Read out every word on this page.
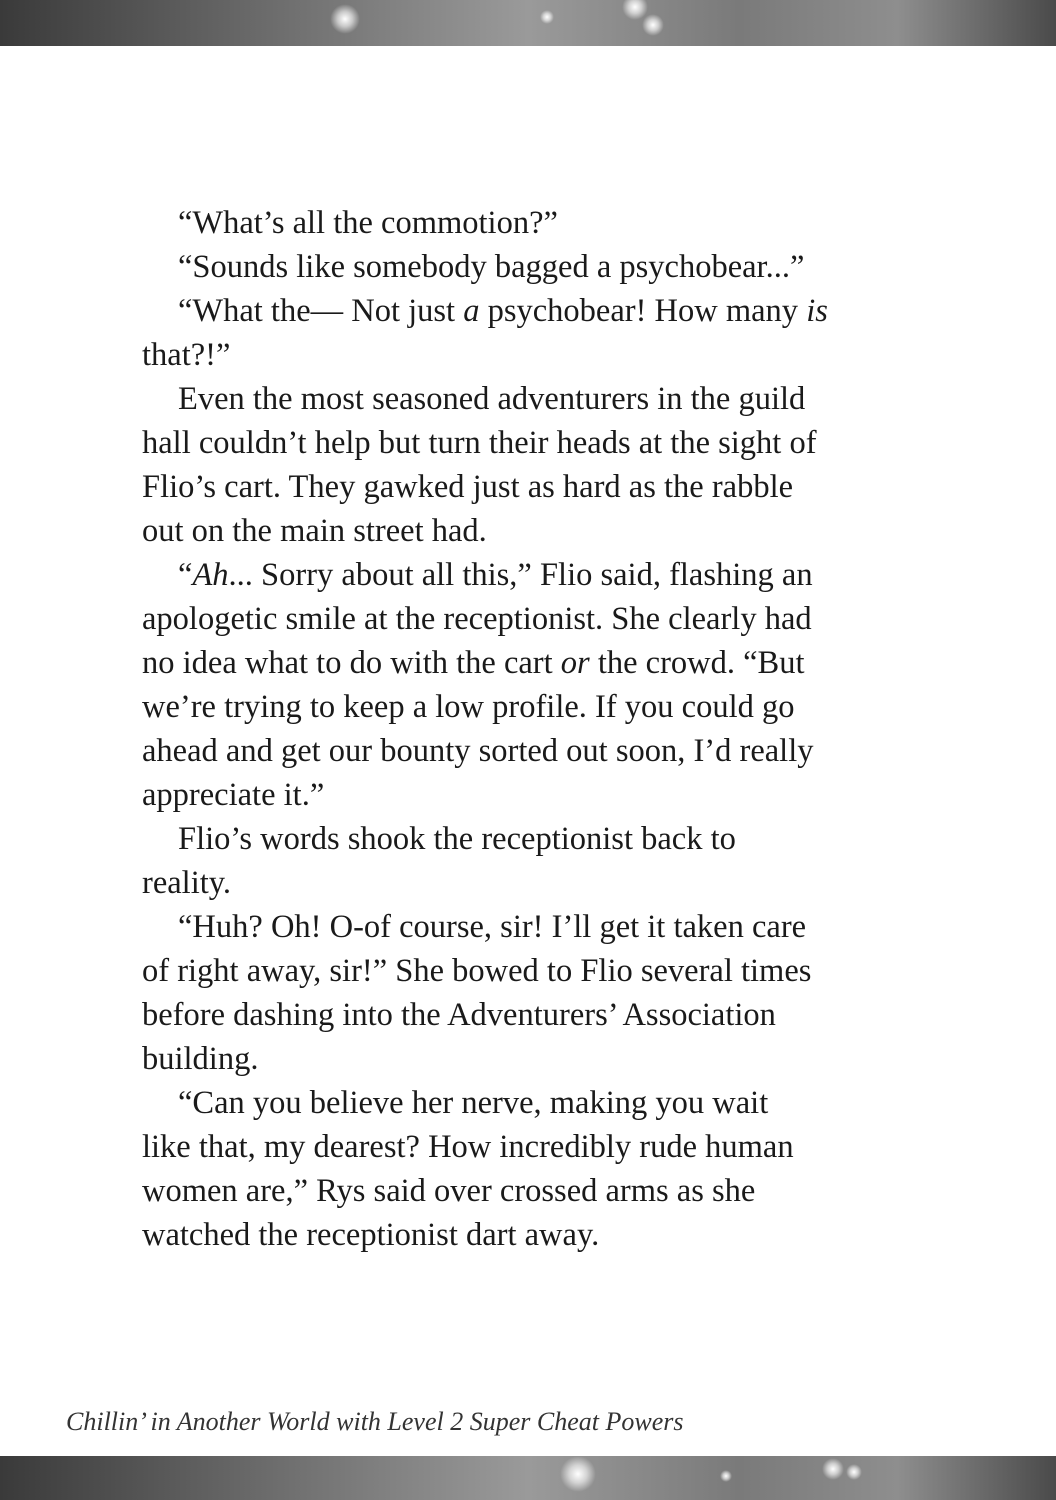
“What’s all the commotion?”

“Sounds like somebody bagged a psychobear...”

“What the— Not just a psychobear! How many is
that?!”

Even the most seasoned adventurers in the guild
hall couldn’t help but turn their heads at the sight of
Flio’s cart. They gawked just as hard as the rabble
out on the main street had.

“Ah... Sorry about all this,” Flio said, flashing an
apologetic smile at the receptionist. She clearly had
no idea what to do with the cart or the crowd. “But
we’re trying to keep a low profile. If you could go
ahead and get our bounty sorted out soon, I’d really
appreciate it.”

Flio’s words shook the receptionist back to
reality.

“Huh? Oh! O-of course, sir! I’ll get it taken care
of right away, sir!” She bowed to Flio several times
before dashing into the Adventurers’ Association
building.

“Can you believe her nerve, making you wait
like that, my dearest? How incredibly rude human
women are,” Rys said over crossed arms as she
watched the receptionist dart away.

Chillin’ in Another World with Level 2 Super Cheat Powers
